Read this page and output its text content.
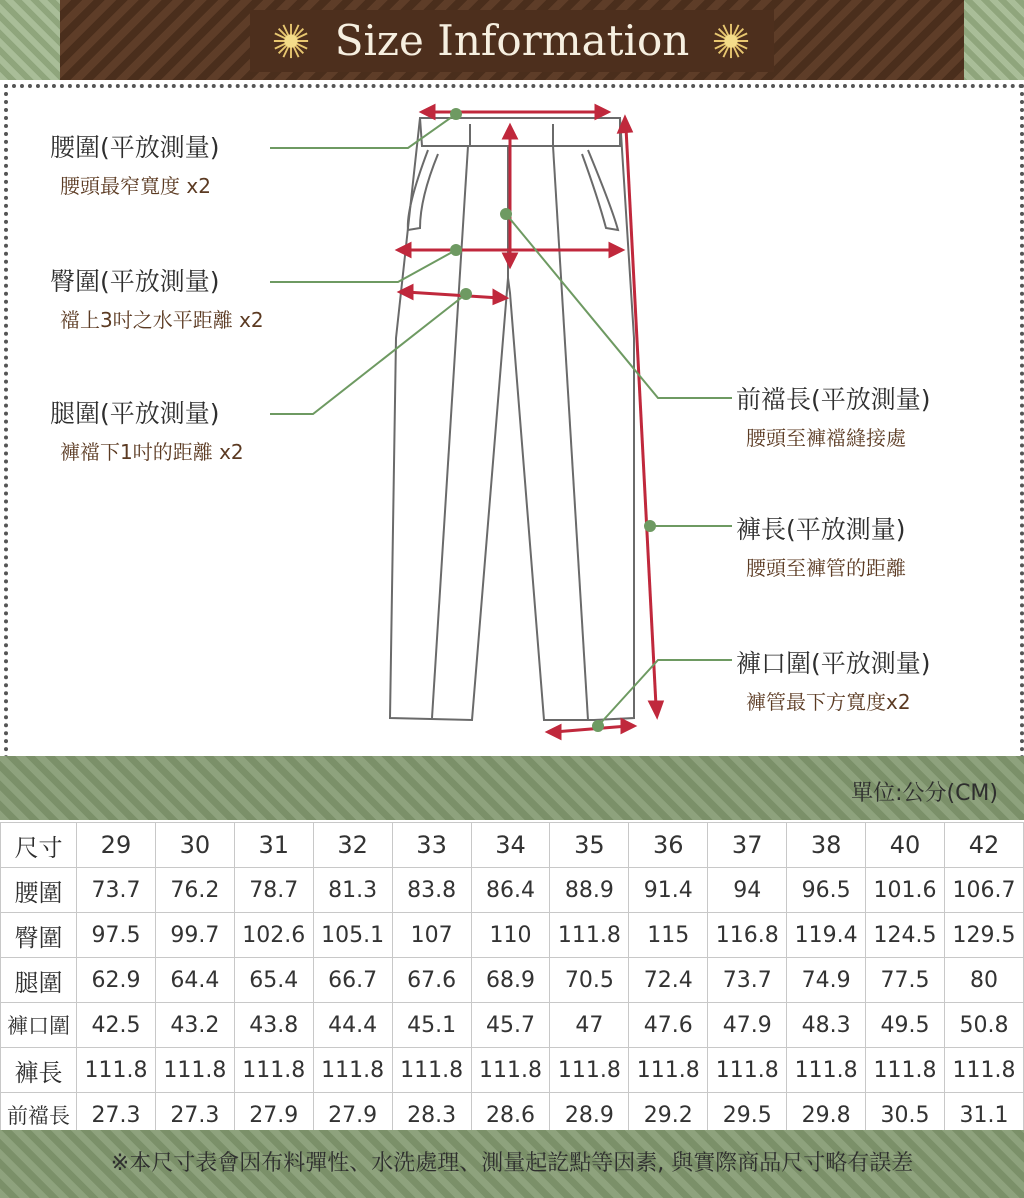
Size Information
腰圍(平放測量)
腰頭最窄寬度 x2
臀圍(平放測量)
襠上3吋之水平距離 x2
腿圍(平放測量)
褲襠下1吋的距離 x2
前襠長(平放測量)
腰頭至褲襠縫接處
褲長(平放測量)
腰頭至褲管的距離
褲口圍(平放測量)
褲管最下方寬度x2
單位:公分(CM)
尺寸	29	30	31	32	33	34	35	36	37	38	40	42
腰圍	73.7	76.2	78.7	81.3	83.8	86.4	88.9	91.4	94	96.5	101.6	106.7
臀圍	97.5	99.7	102.6	105.1	107	110	111.8	115	116.8	119.4	124.5	129.5
腿圍	62.9	64.4	65.4	66.7	67.6	68.9	70.5	72.4	73.7	74.9	77.5	80
褲口圍	42.5	43.2	43.8	44.4	45.1	45.7	47	47.6	47.9	48.3	49.5	50.8
褲長	111.8	111.8	111.8	111.8	111.8	111.8	111.8	111.8	111.8	111.8	111.8	111.8
前襠長	27.3	27.3	27.9	27.9	28.3	28.6	28.9	29.2	29.5	29.8	30.5	31.1
※本尺寸表會因布料彈性、水洗處理、測量起訖點等因素, 與實際商品尺寸略有誤差
